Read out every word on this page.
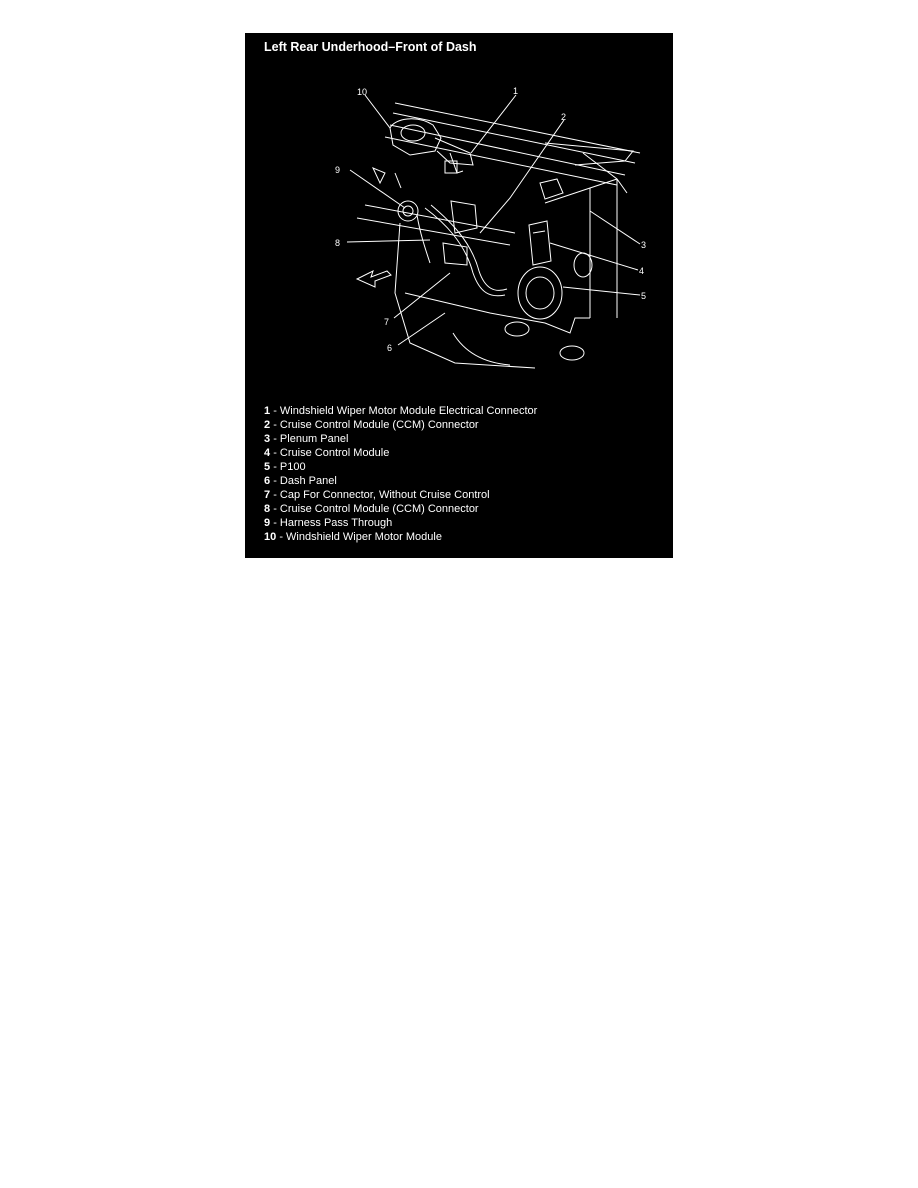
Left Rear Underhood–Front of Dash
1
2
3
4
5
6
7
8
9
10
1 - Windshield Wiper Motor Module Electrical Connector
2 - Cruise Control Module (CCM) Connector
3 - Plenum Panel
4 - Cruise Control Module
5 - P100
6 - Dash Panel
7 - Cap For Connector, Without Cruise Control
8 - Cruise Control Module (CCM) Connector
9 - Harness Pass Through
10 - Windshield Wiper Motor Module
